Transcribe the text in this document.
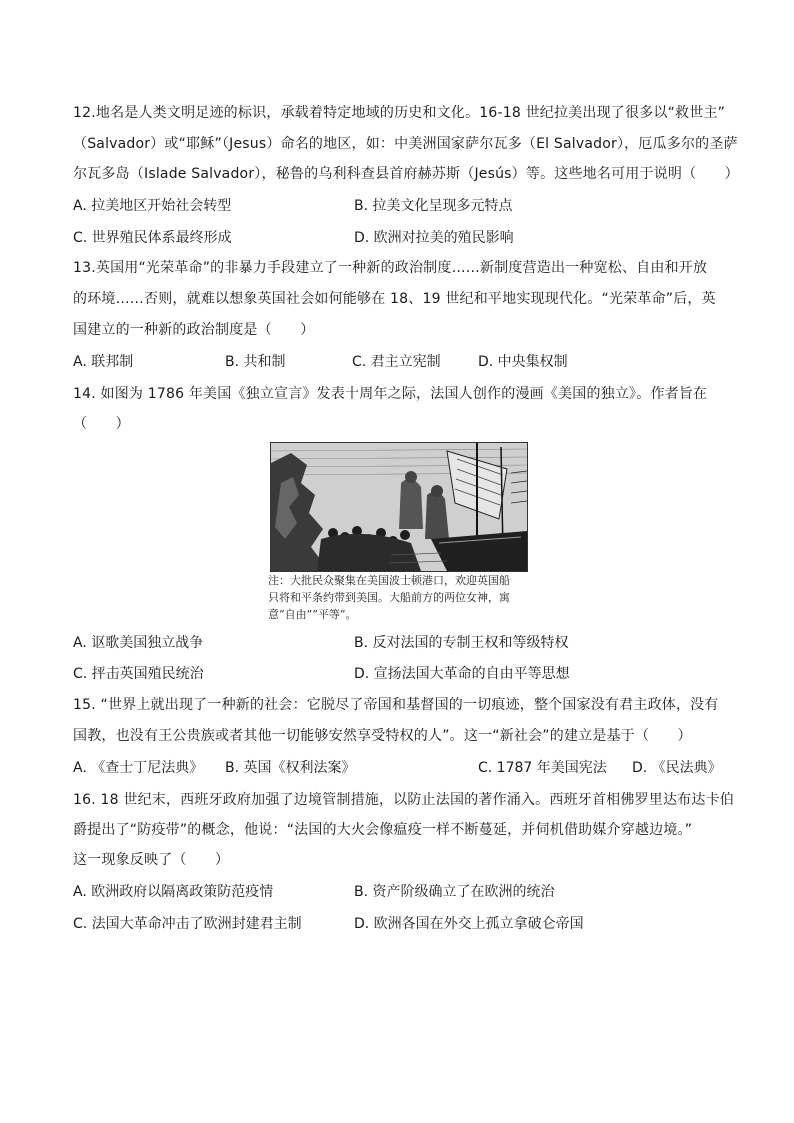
12.地名是人类文明足迹的标识，承载着特定地域的历史和文化。16-18 世纪拉美出现了很多以“救世主”
（Salvador）或“耶稣”（Jesus）命名的地区，如：中美洲国家萨尔瓦多（El Salvador），厄瓜多尔的圣萨
尔瓦多岛（Islade Salvador），秘鲁的乌利科查县首府赫苏斯（Jesús）等。这些地名可用于说明（　　）
A. 拉美地区开始社会转型	B. 拉美文化呈现多元特点
C. 世界殖民体系最终形成	D. 欧洲对拉美的殖民影响
13.英国用“光荣革命”的非暴力手段建立了一种新的政治制度……新制度营造出一种宽松、自由和开放
的环境……否则，就难以想象英国社会如何能够在 18、19 世纪和平地实现现代化。“光荣革命”后，英
国建立的一种新的政治制度是（　　）
A. 联邦制	B. 共和制	C. 君主立宪制	D. 中央集权制
14. 如图为 1786 年美国《独立宣言》发表十周年之际，法国人创作的漫画《美国的独立》。作者旨在
（　　）
注：大批民众聚集在美国波士顿港口，欢迎英国船
只将和平条约带到美国。大船前方的两位女神，寓
意“自由”“平等”。
A. 讴歌美国独立战争	B. 反对法国的专制王权和等级特权
C. 抨击英国殖民统治	D. 宣扬法国大革命的自由平等思想
15. “世界上就出现了一种新的社会：它脱尽了帝国和基督国的一切痕迹，整个国家没有君主政体，没有
国教，也没有王公贵族或者其他一切能够安然享受特权的人”。这一“新社会”的建立是基于（　　）
A. 《查士丁尼法典》 B. 英国《权利法案》	C. 1787 年美国宪法 D. 《民法典》
16. 18 世纪末，西班牙政府加强了边境管制措施，以防止法国的著作涌入。西班牙首相佛罗里达布达卡伯
爵提出了“防疫带”的概念，他说：“法国的大火会像瘟疫一样不断蔓延，并伺机借助媒介穿越边境。”
这一现象反映了（　　）
A. 欧洲政府以隔离政策防范疫情	B. 资产阶级确立了在欧洲的统治
C. 法国大革命冲击了欧洲封建君主制	D. 欧洲各国在外交上孤立拿破仑帝国
